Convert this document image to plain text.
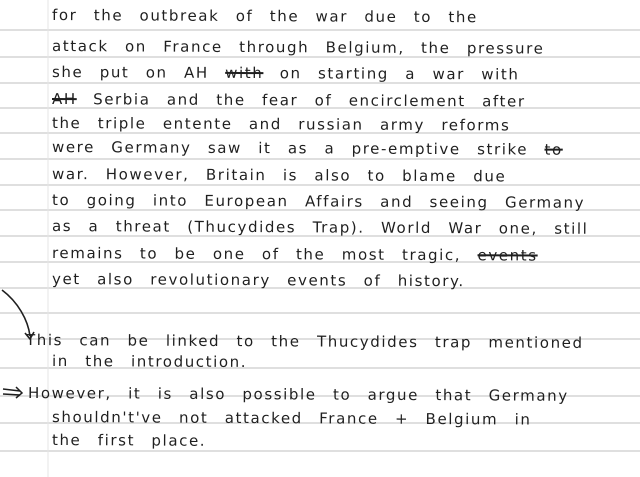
for the outbreak of the war due to the
attack on France through Belgium, the pressure
she put on AH with on starting a war with
AH Serbia and the fear of encirclement after
the triple entente and russian army reforms
were Germany saw it as a pre-emptive strike to
war. However, Britain is also to blame due
to going into European Affairs and seeing Germany
as a threat (Thucydides Trap). World War one, still
remains to be one of the most tragic, events
yet also revolutionary events of history.
This can be linked to the Thucydides trap mentioned
in the introduction.
However, it is also possible to argue that Germany
shouldn't've not attacked France + Belgium in
the first place.
